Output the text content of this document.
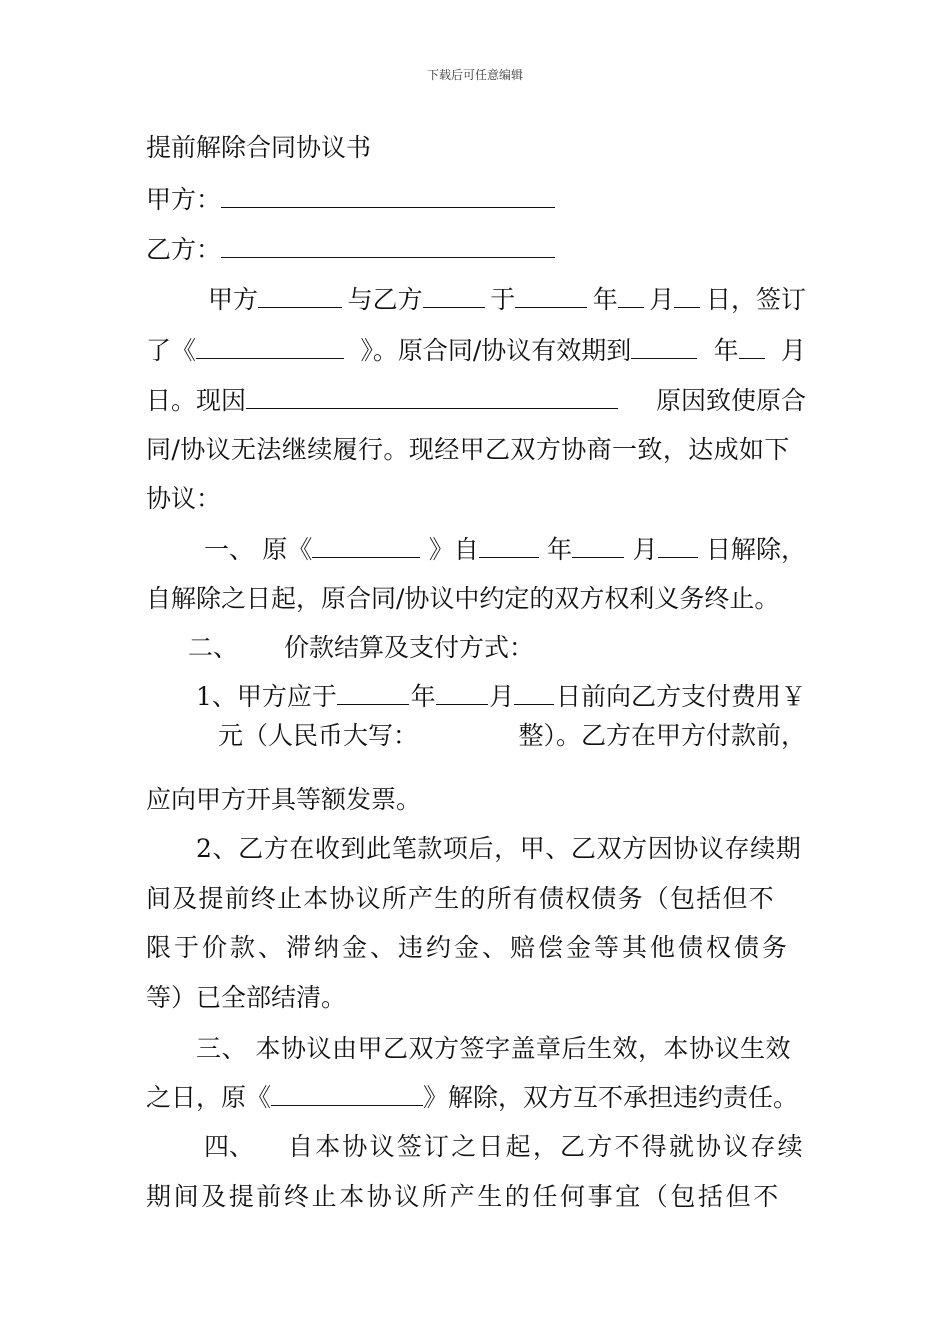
下载后可任意编辑
提前解除合同协议书
甲方：
乙方：
甲方	与乙方	于	年	月	日，签订
了《	》。原合同/协议有效期到	年	月
日。现因	原因致使原合
同/协议无法继续履行。现经甲乙双方协商一致，达成如下
协议：
一、 原《	》自	年	月	日解除，
自解除之日起，原合同/协议中约定的双方权利义务终止。
二、 价款结算及支付方式：
1、甲方应于	年	月	日前向乙方支付费用￥
元（人民币大写：	整）。乙方在甲方付款前，
应向甲方开具等额发票。
2、乙方在收到此笔款项后，甲、乙双方因协议存续期
间及提前终止本协议所产生的所有债权债务（包括但不
限于价款、滞纳金、违约金、赔偿金等其他债权债务
等）已全部结清。
三、 本协议由甲乙双方签字盖章后生效，本协议生效
之日，原《	》解除，双方互不承担违约责任。
四、 自本协议签订之日起，乙方不得就协议存续
期间及提前终止本协议所产生的任何事宜（包括但不
